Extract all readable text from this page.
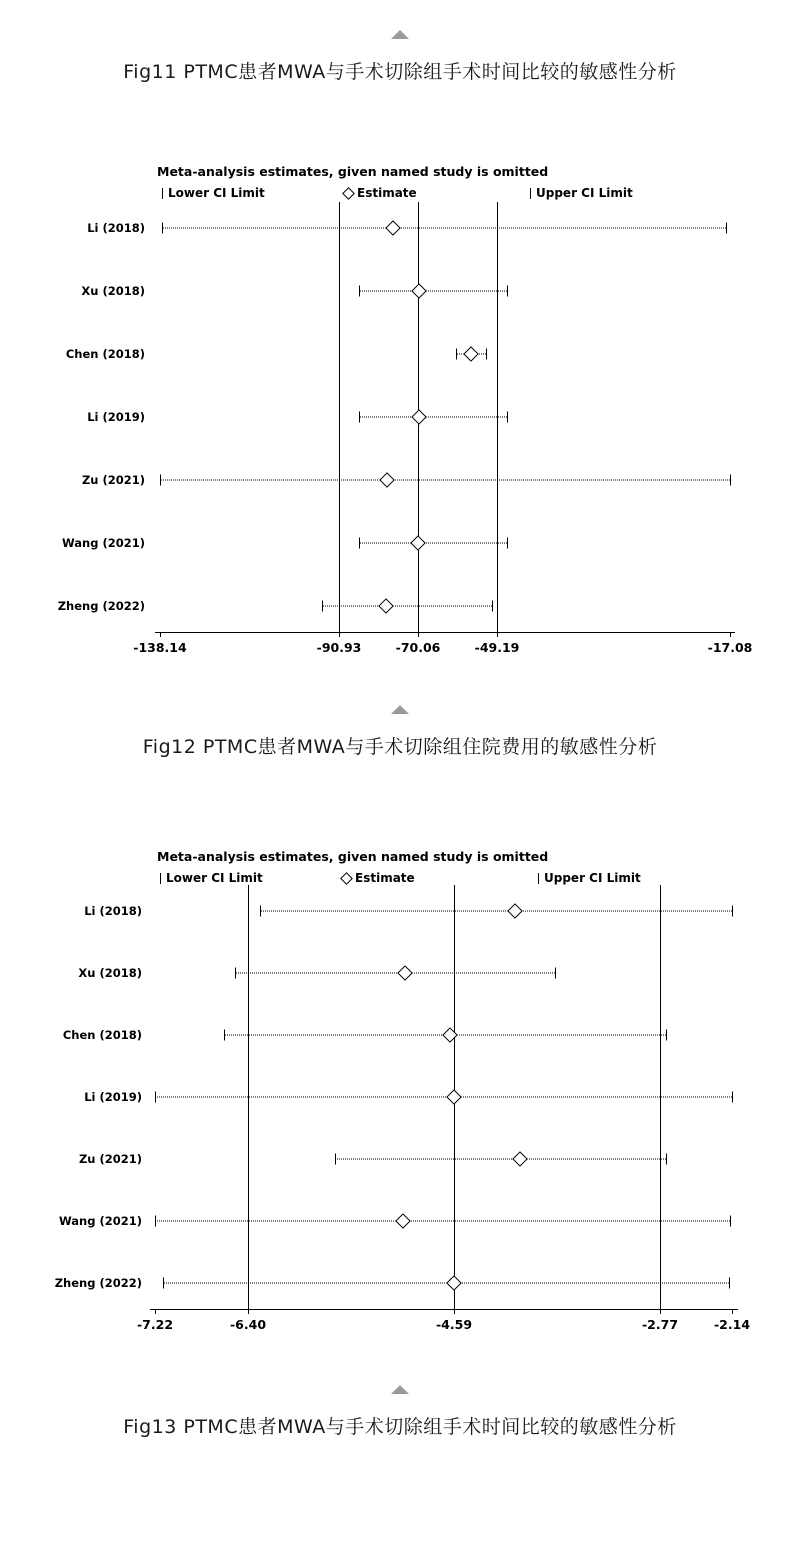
Fig11 PTMC患者MWA与手术切除组手术时间比较的敏感性分析
Meta-analysis estimates, given named study is omitted
Lower CI Limit	Estimate	Upper CI Limit
Li (2018)
Xu (2018)
Chen (2018)
Li (2019)
Zu (2021)
Wang (2021)
Zheng (2022)
-138.14	-90.93	-70.06	-49.19	-17.08
Fig12 PTMC患者MWA与手术切除组住院费用的敏感性分析
Meta-analysis estimates, given named study is omitted
Lower CI Limit	Estimate	Upper CI Limit
Li (2018)
Xu (2018)
Chen (2018)
Li (2019)
Zu (2021)
Wang (2021)
Zheng (2022)
-7.22	-6.40	-4.59	-2.77	-2.14
Fig13 PTMC患者MWA与手术切除组手术时间比较的敏感性分析
